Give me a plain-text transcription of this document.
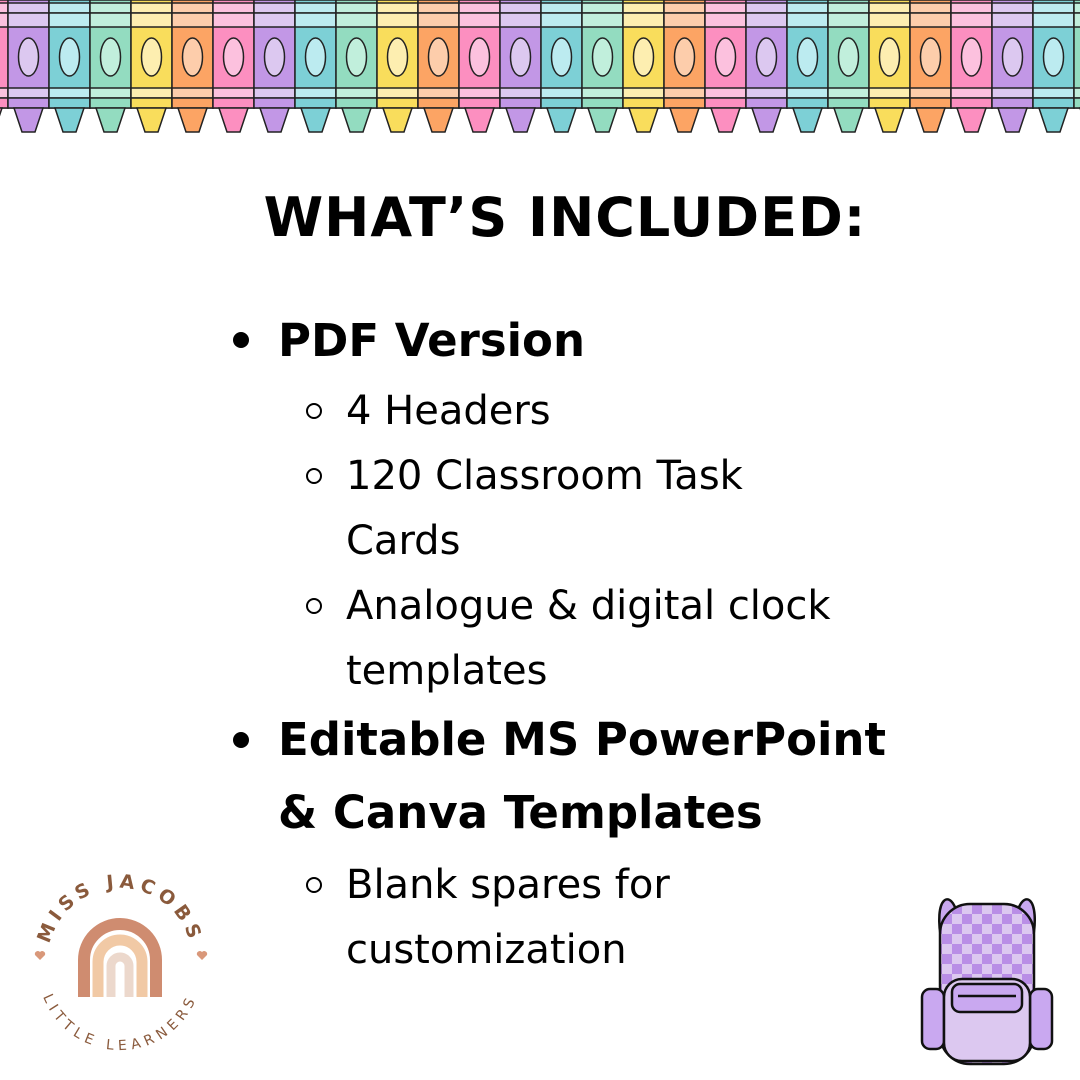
WHAT’S INCLUDED:
PDF Version
4 Headers
120 Classroom Task
Cards
Analogue & digital clock
templates
Editable MS PowerPoint
& Canva Templates
Blank spares for
customization
MISS JACOBS
LITTLE LEARNERS
